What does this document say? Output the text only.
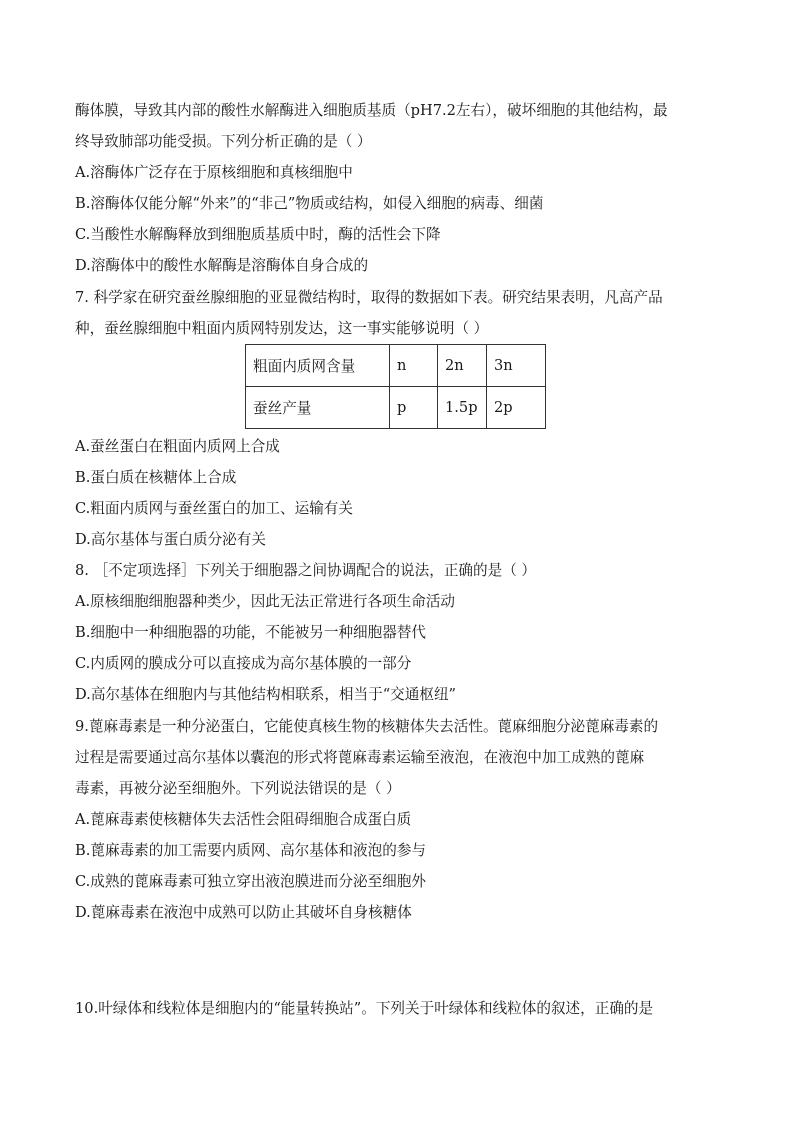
酶体膜，导致其内部的酸性水解酶进入细胞质基质（pH7.2左右），破坏细胞的其他结构，最
终导致肺部功能受损。下列分析正确的是（ ）
A.溶酶体广泛存在于原核细胞和真核细胞中
B.溶酶体仅能分解“外来”的“非己”物质或结构，如侵入细胞的病毒、细菌
C.当酸性水解酶释放到细胞质基质中时，酶的活性会下降
D.溶酶体中的酸性水解酶是溶酶体自身合成的
7. 科学家在研究蚕丝腺细胞的亚显微结构时，取得的数据如下表。研究结果表明，凡高产品
种，蚕丝腺细胞中粗面内质网特别发达，这一事实能够说明（ ）
粗面内质网含量	n	2n	3n
蚕丝产量	p	1.5p	2p
A.蚕丝蛋白在粗面内质网上合成
B.蛋白质在核糖体上合成
C.粗面内质网与蚕丝蛋白的加工、运输有关
D.高尔基体与蛋白质分泌有关
8. ［不定项选择］下列关于细胞器之间协调配合的说法，正确的是（ ）
A.原核细胞细胞器种类少，因此无法正常进行各项生命活动
B.细胞中一种细胞器的功能，不能被另一种细胞器替代
C.内质网的膜成分可以直接成为高尔基体膜的一部分
D.高尔基体在细胞内与其他结构相联系，相当于“交通枢纽”
9.蓖麻毒素是一种分泌蛋白，它能使真核生物的核糖体失去活性。蓖麻细胞分泌蓖麻毒素的
过程是需要通过高尔基体以囊泡的形式将蓖麻毒素运输至液泡，在液泡中加工成熟的蓖麻
毒素，再被分泌至细胞外。下列说法错误的是（ ）
A.蓖麻毒素使核糖体失去活性会阻碍细胞合成蛋白质
B.蓖麻毒素的加工需要内质网、高尔基体和液泡的参与
C.成熟的蓖麻毒素可独立穿出液泡膜进而分泌至细胞外
D.蓖麻毒素在液泡中成熟可以防止其破坏自身核糖体
10.叶绿体和线粒体是细胞内的“能量转换站”。下列关于叶绿体和线粒体的叙述，正确的是
